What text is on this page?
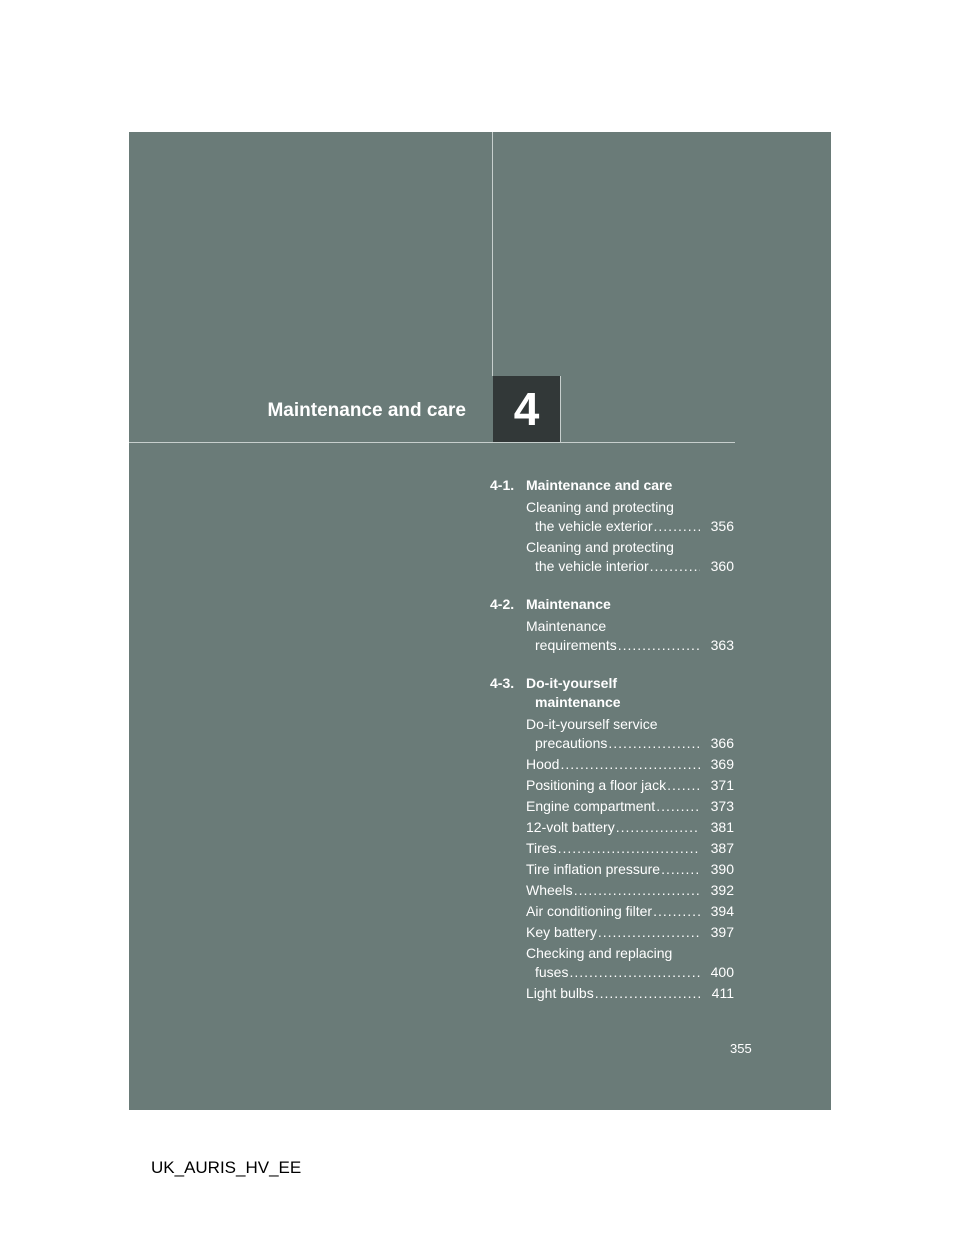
Maintenance and care	4
4-1. Maintenance and care
Cleaning and protecting
the vehicle exterior .....	356
Cleaning and protecting
the vehicle interior .....	360
4-2. Maintenance
Maintenance
requirements .....	363
4-3. Do-it-yourself
maintenance
Do-it-yourself service
precautions .....	366
Hood .....	369
Positioning a floor jack .....	371
Engine compartment .....	373
12-volt battery .....	381
Tires .....	387
Tire inflation pressure .....	390
Wheels .....	392
Air conditioning filter .....	394
Key battery .....	397
Checking and replacing
fuses .....	400
Light bulbs .....	411
355
UK_AURIS_HV_EE
